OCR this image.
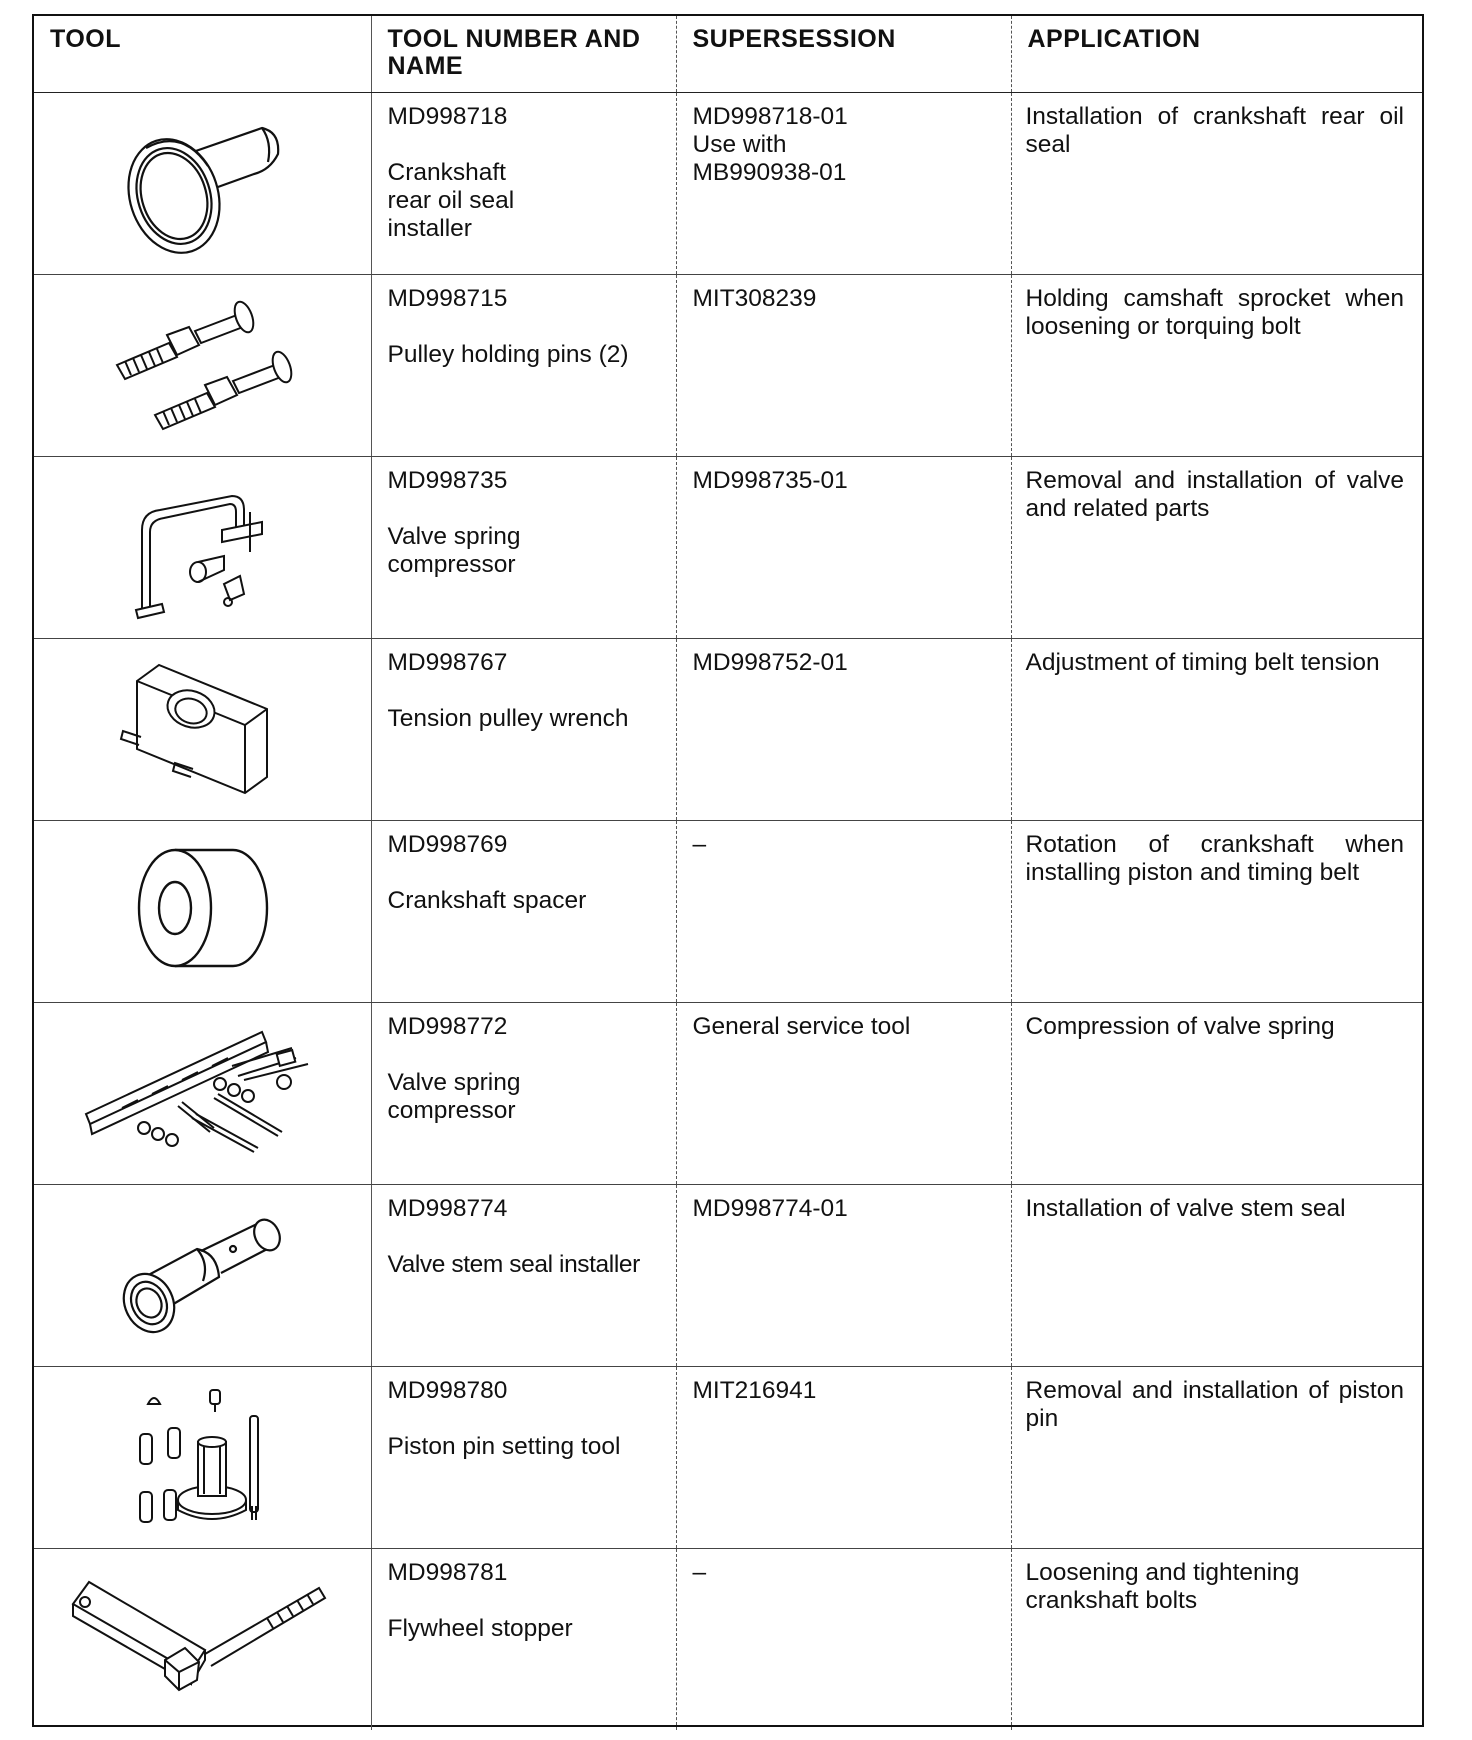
TOOL	TOOL NUMBER AND NAME	SUPERSESSION	APPLICATION

MD998718
Crankshaft rear oil seal installer	MD998718-01 Use with MB990938-01	Installation of crankshaft rear oil seal

MD998715
Pulley holding pins (2)	MIT308239	Holding camshaft sprocket when loosening or torquing bolt

MD998735
Valve spring compressor	MD998735-01	Removal and installation of valve and related parts

MD998767
Tension pulley wrench	MD998752-01	Adjustment of timing belt tension

MD998769
Crankshaft spacer	–	Rotation of crankshaft when installing piston and timing belt

MD998772
Valve spring compressor	General service tool	Compression of valve spring

MD998774
Valve stem seal installer	MD998774-01	Installation of valve stem seal

MD998780
Piston pin setting tool	MIT216941	Removal and installation of piston pin

MD998781
Flywheel stopper	–	Loosening and tightening crankshaft bolts
